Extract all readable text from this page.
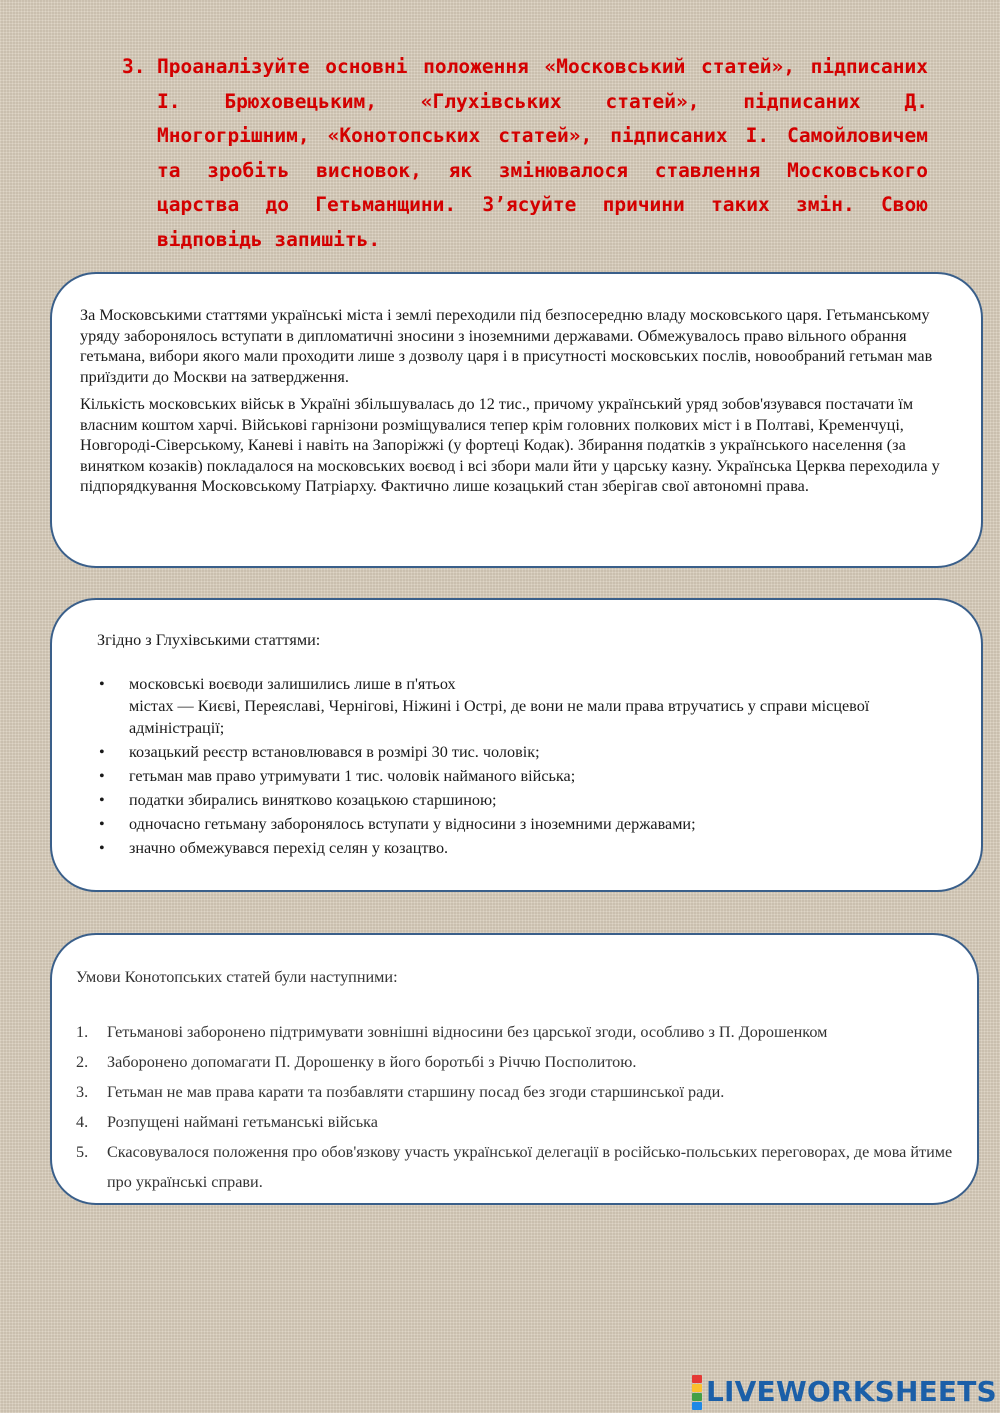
3. Проаналізуйте основні положення «Московський статей», підписаних І. Брюховецьким, «Глухівських статей», підписаних Д. Многогрішним, «Конотопських статей», підписаних І. Самойловичем та зробіть висновок, як змінювалося ставлення Московського царства до Гетьманщини. З’ясуйте причини таких змін. Свою відповідь запишіть.

За Московськими статтями українські міста і землі переходили під безпосередню владу московського царя. Гетьманському уряду заборонялось вступати в дипломатичні зносини з іноземними державами. Обмежувалось право вільного обрання гетьмана, вибори якого мали проходити лише з дозволу царя і в присутності московських послів, новообраний гетьман мав приїздити до Москви на затвердження.

Кількість московських військ в Україні збільшувалась до 12 тис., причому український уряд зобов'язувався постачати їм власним коштом харчі. Військові гарнізони розміщувалися тепер крім головних полкових міст і в Полтаві, Кременчуці, Новгороді-Сіверському, Каневі і навіть на Запоріжжі (у фортеці Кодак). Збирання податків з українського населення (за винятком козаків) покладалося на московських воєвод і всі збори мали йти у царську казну. Українська Церква переходила у підпорядкування Московському Патріарху. Фактично лише козацький стан зберігав свої автономні права.

Згідно з Глухівськими статтями:
• московські воєводи залишились лише в п'ятьох
містах — Києві, Переяславі, Чернігові, Ніжині і Острі, де вони не мали права втручатись у справи місцевої адміністрації;
• козацький реєстр встановлювався в розмірі 30 тис. чоловік;
• гетьман мав право утримувати 1 тис. чоловік найманого війська;
• податки збирались винятково козацькою старшиною;
• одночасно гетьману заборонялось вступати у відносини з іноземними державами;
• значно обмежувався перехід селян у козацтво.
Умови Конотопських статей були наступними:
1. Гетьманові заборонено підтримувати зовнішні відносини без царської згоди, особливо з П. Дорошенком
2. Заборонено допомагати П. Дорошенку в його боротьбі з Річчю Посполитою.
3. Гетьман не мав права карати та позбавляти старшину посад без згоди старшинської ради.
4. Розпущені наймані гетьманські війська
5. Скасовувалося положення про обов'язкову участь української делегації в російсько-польських переговорах, де мова йтиме про українські справи.
LIVEWORKSHEETS
